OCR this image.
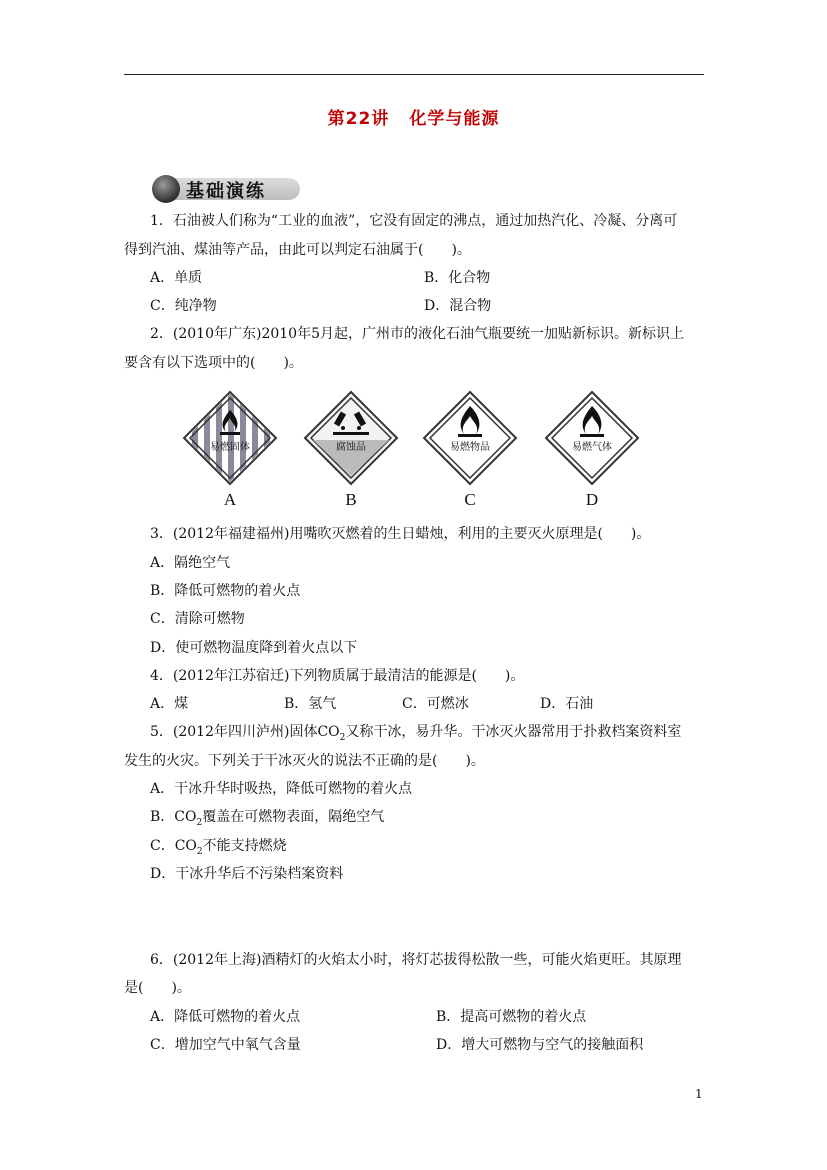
第22讲 化学与能源
基础演练
1．石油被人们称为“工业的血液”，它没有固定的沸点，通过加热汽化、冷凝、分离可
得到汽油、煤油等产品，由此可以判定石油属于(　　)。
A．单质	B．化合物
C．纯净物	D．混合物
2．(2010年广东)2010年5月起，广州市的液化石油气瓶要统一加贴新标识。新标识上
要含有以下选项中的(　　)。
易燃固体
A
腐蚀品
B
易燃物品
C
易燃气体
D
3．(2012年福建福州)用嘴吹灭燃着的生日蜡烛，利用的主要灭火原理是(　　)。
A．隔绝空气
B．降低可燃物的着火点
C．清除可燃物
D．使可燃物温度降到着火点以下
4．(2012年江苏宿迁)下列物质属于最清洁的能源是(　　)。
A．煤	B．氢气	C．可燃冰	D．石油
5．(2012年四川泸州)固体$CO_2$又称干冰，易升华。干冰灭火器常用于扑救档案资料室
发生的火灾。下列关于干冰灭火的说法不正确的是(　　)。
A．干冰升华时吸热，降低可燃物的着火点
B．$CO_2$覆盖在可燃物表面，隔绝空气
C．$CO_2$不能支持燃烧
D．干冰升华后不污染档案资料
6．(2012年上海)酒精灯的火焰太小时，将灯芯拔得松散一些，可能火焰更旺。其原理
是(　　)。
A．降低可燃物的着火点	B．提高可燃物的着火点
C．增加空气中氧气含量	D．增大可燃物与空气的接触面积
1
